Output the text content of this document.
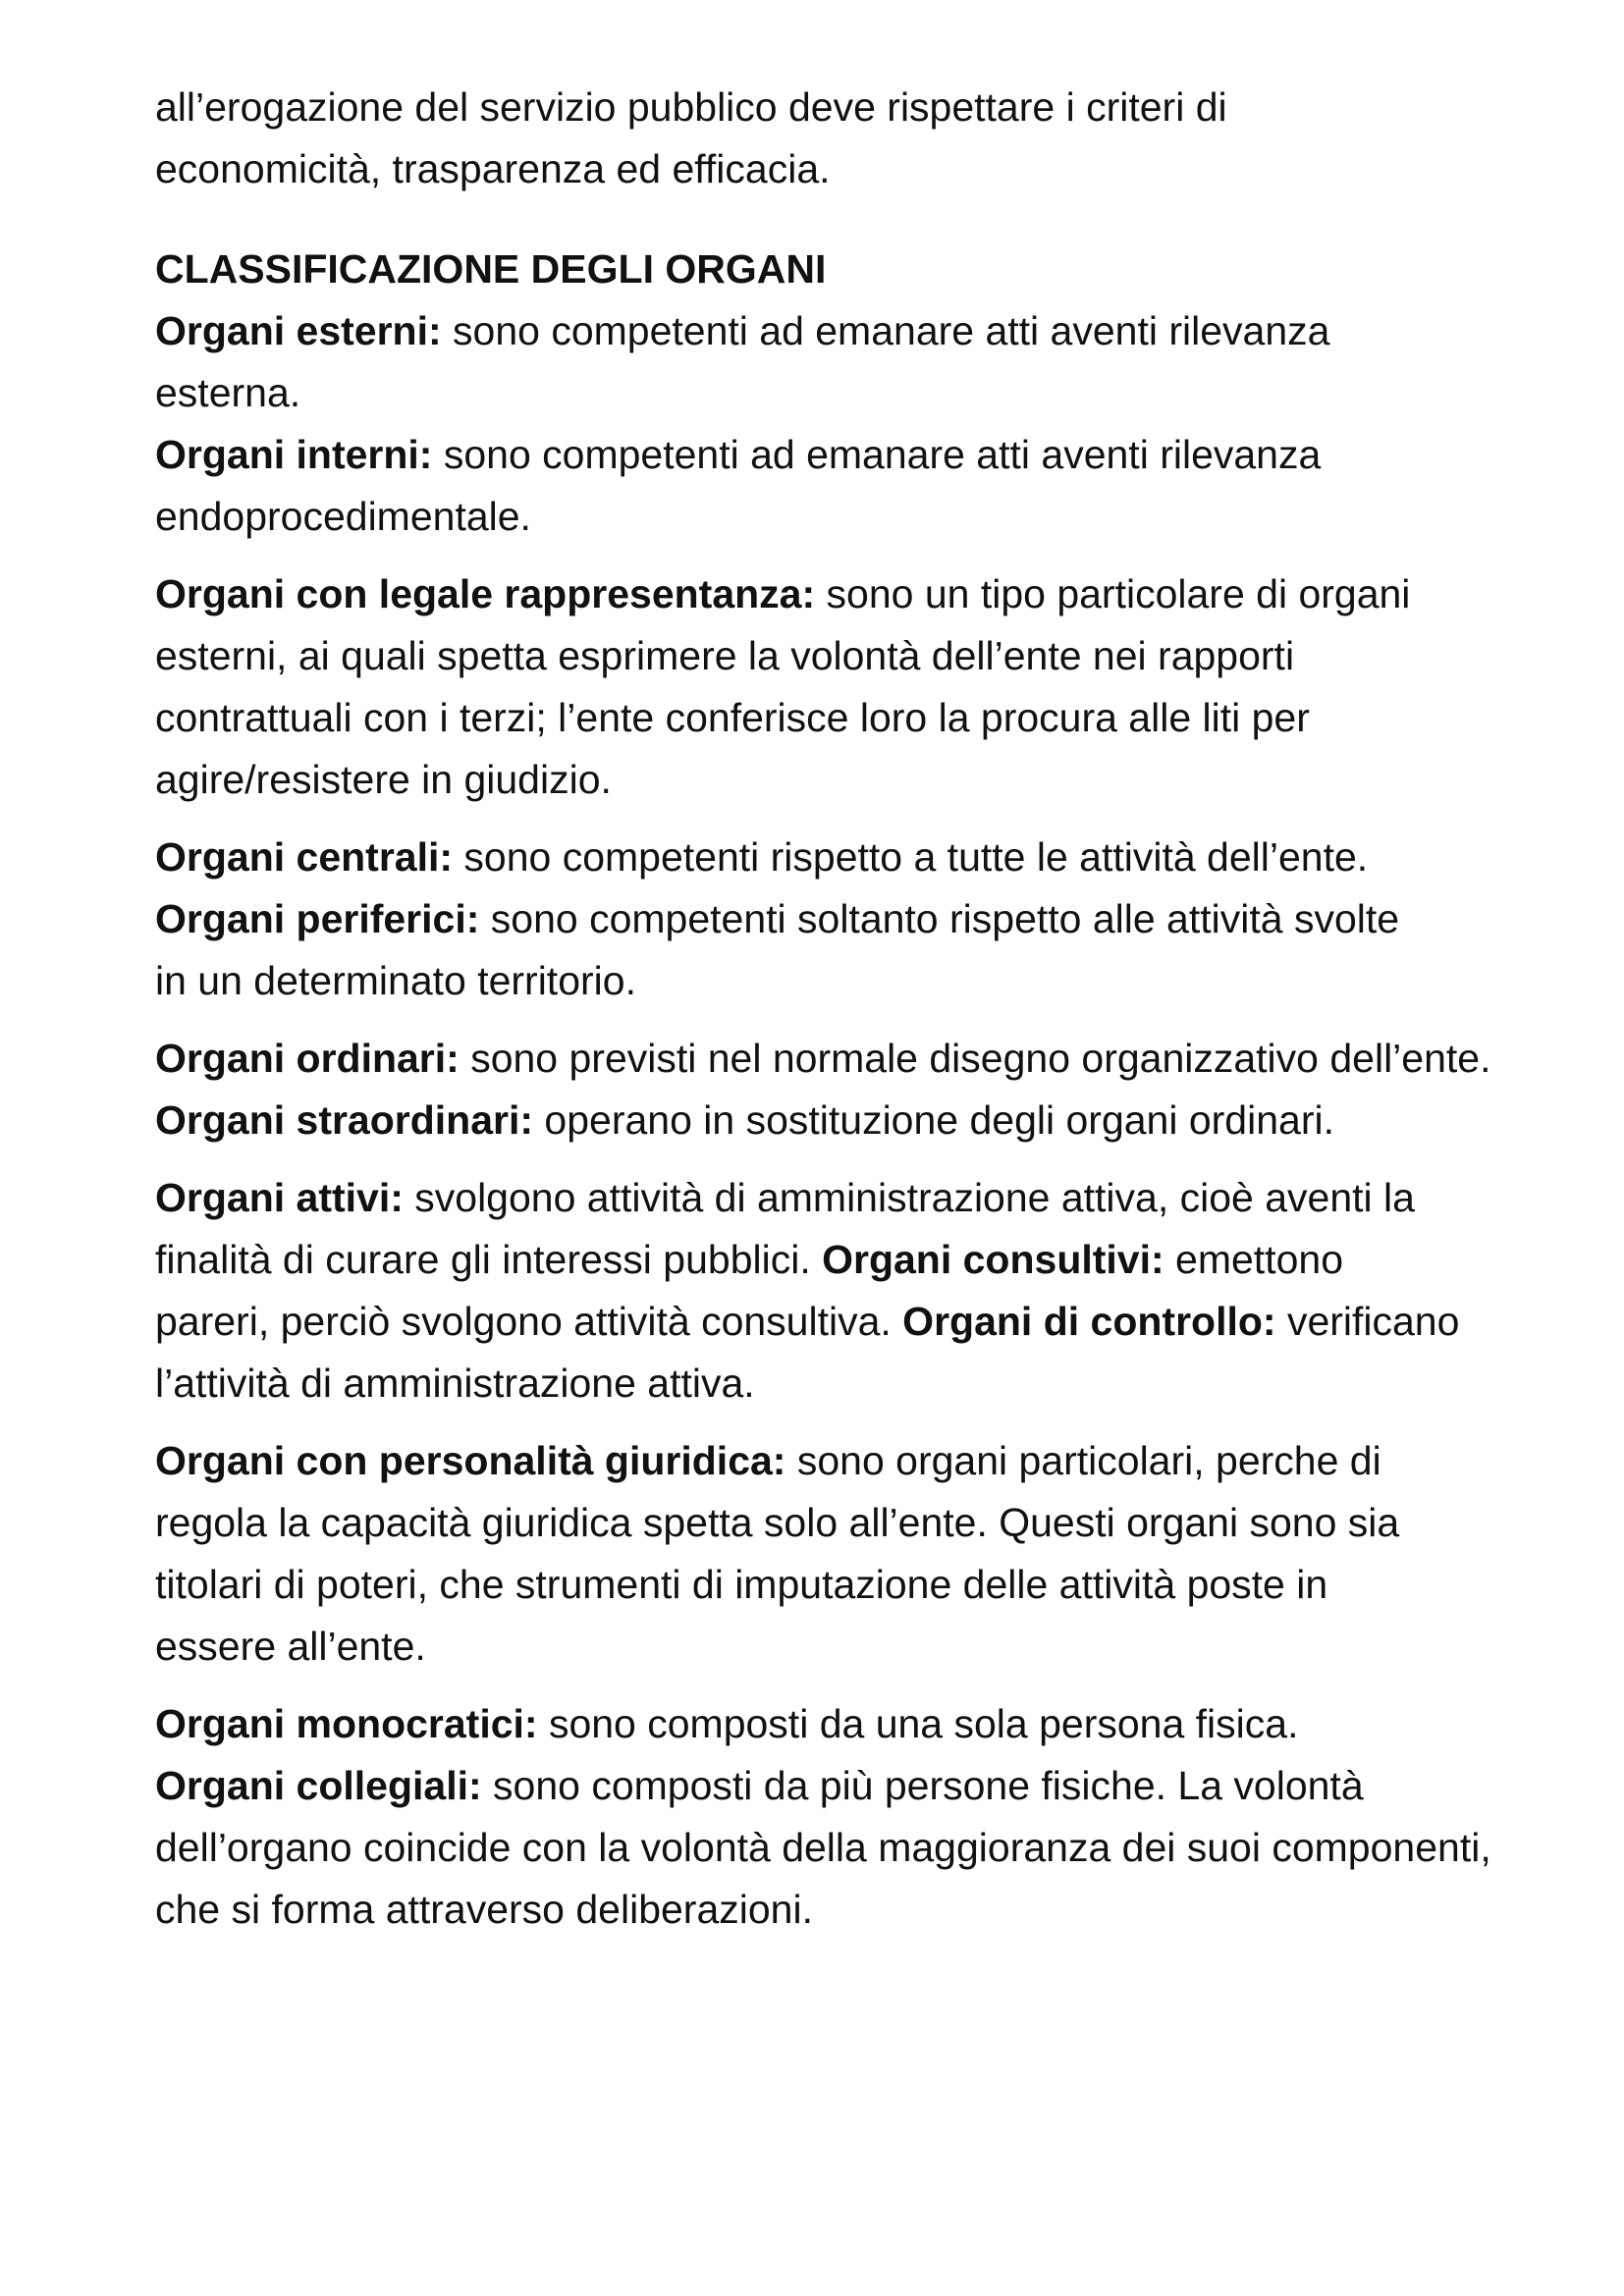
all’erogazione del servizio pubblico deve rispettare i criteri di
economicità, trasparenza ed efficacia.
CLASSIFICAZIONE DEGLI ORGANI
Organi esterni: sono competenti ad emanare atti aventi rilevanza
esterna.
Organi interni: sono competenti ad emanare atti aventi rilevanza
endoprocedimentale.
Organi con legale rappresentanza: sono un tipo particolare di organi
esterni, ai quali spetta esprimere la volontà dell’ente nei rapporti
contrattuali con i terzi; l’ente conferisce loro la procura alle liti per
agire/resistere in giudizio.
Organi centrali: sono competenti rispetto a tutte le attività dell’ente.
Organi periferici: sono competenti soltanto rispetto alle attività svolte
in un determinato territorio.
Organi ordinari: sono previsti nel normale disegno organizzativo dell’ente.
Organi straordinari: operano in sostituzione degli organi ordinari.
Organi attivi: svolgono attività di amministrazione attiva, cioè aventi la
finalità di curare gli interessi pubblici. Organi consultivi: emettono
pareri, perciò svolgono attività consultiva. Organi di controllo: verificano
l’attività di amministrazione attiva.
Organi con personalità giuridica: sono organi particolari, perche di
regola la capacità giuridica spetta solo all’ente. Questi organi sono sia
titolari di poteri, che strumenti di imputazione delle attività poste in
essere all’ente.
Organi monocratici: sono composti da una sola persona fisica.
Organi collegiali: sono composti da più persone fisiche. La volontà
dell’organo coincide con la volontà della maggioranza dei suoi componenti,
che si forma attraverso deliberazioni.
